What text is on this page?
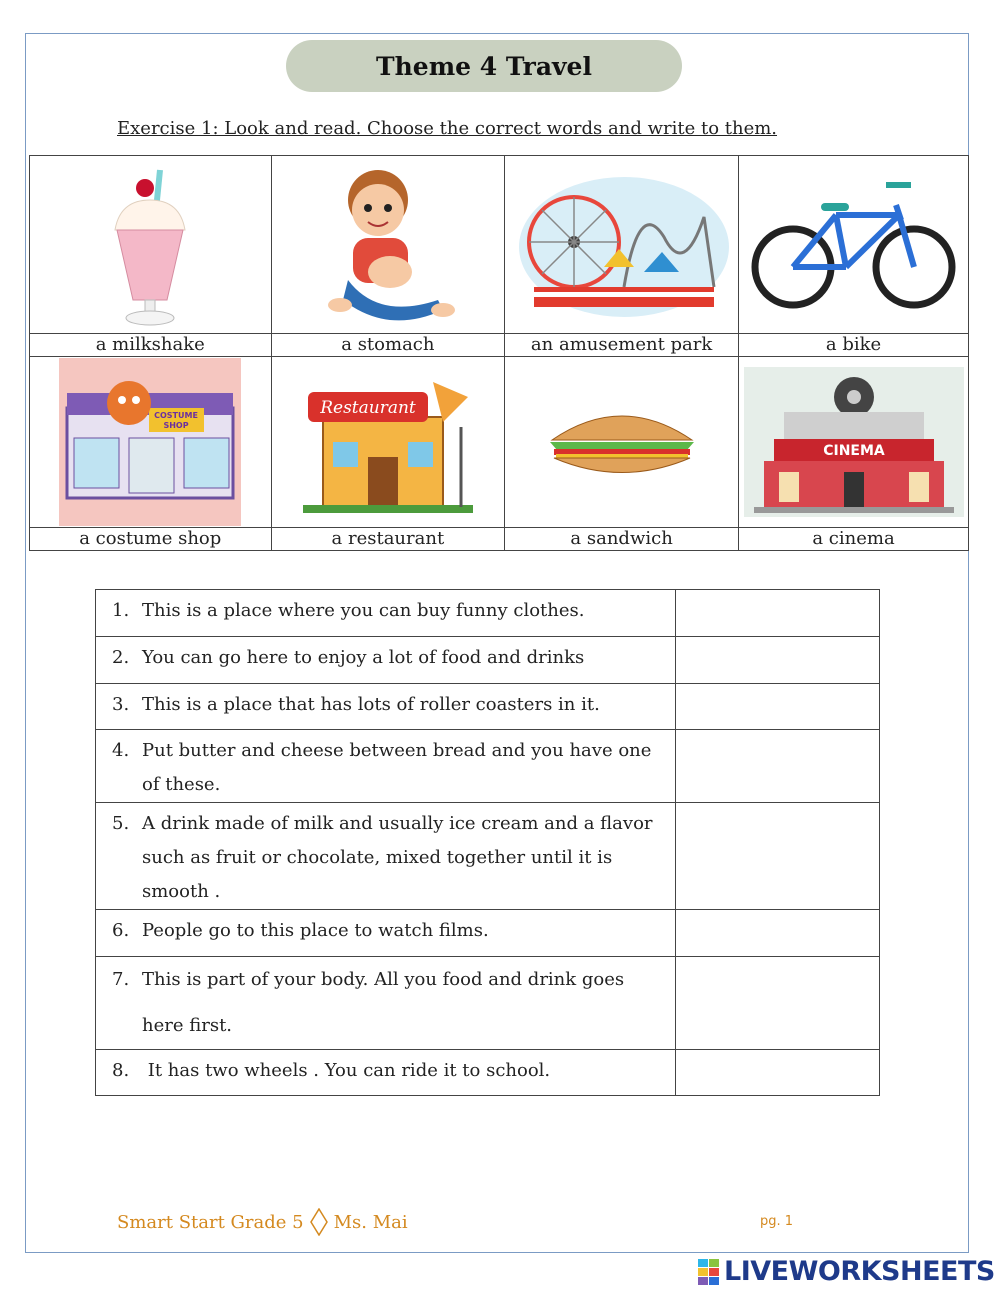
Theme 4 Travel
Exercise 1: Look and read. Choose the correct words and write to them.

a milkshake	a stomach	an amusement park	a bike

COSTUME
SHOP	Restaurant		CINEMA

a costume shop	a restaurant	a sandwich	a cinema
1. This is a place where you can buy funny clothes.	

2. You can go here to enjoy a lot of food and drinks	

3. This is a place that has lots of roller coasters in it.	

4. Put butter and cheese between bread and you have one of these.	

5. A drink made of milk and usually ice cream and a flavor such as fruit or chocolate, mixed together until it is smooth .	

6. People go to this place to watch films.	

7. This is part of your body. All you food and drink goes here first.	

8. It has two wheels . You can ride it to school.	

Smart Start Grade 5 Ms. Mai	pg. 1
LIVEWORKSHEETS
